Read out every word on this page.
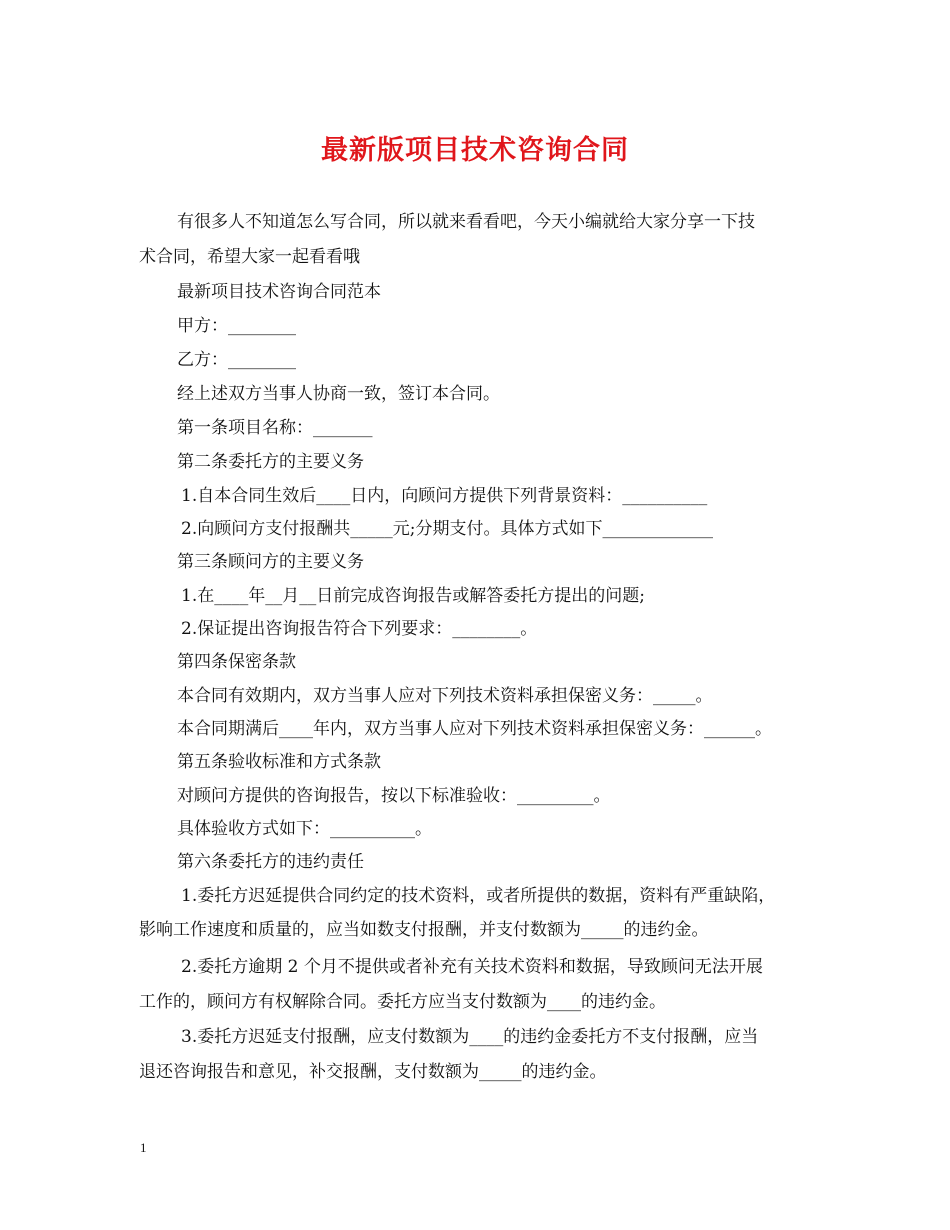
最新版项目技术咨询合同
有很多人不知道怎么写合同，所以就来看看吧，今天小编就给大家分享一下技
术合同，希望大家一起看看哦
最新项目技术咨询合同范本
甲方：________
乙方：________
经上述双方当事人协商一致，签订本合同。
第一条项目名称：_______
第二条委托方的主要义务
1.自本合同生效后____日内，向顾问方提供下列背景资料：__________
2.向顾问方支付报酬共_____元;分期支付。具体方式如下_____________
第三条顾问方的主要义务
1.在____年__月__日前完成咨询报告或解答委托方提出的问题;
2.保证提出咨询报告符合下列要求：________。
第四条保密条款
本合同有效期内，双方当事人应对下列技术资料承担保密义务：_____。
本合同期满后____年内，双方当事人应对下列技术资料承担保密义务：______。
第五条验收标准和方式条款
对顾问方提供的咨询报告，按以下标准验收：_________。
具体验收方式如下：__________。
第六条委托方的违约责任
1.委托方迟延提供合同约定的技术资料，或者所提供的数据，资料有严重缺陷，
影响工作速度和质量的，应当如数支付报酬，并支付数额为_____的违约金。
2.委托方逾期 2 个月不提供或者补充有关技术资料和数据，导致顾问无法开展
工作的，顾问方有权解除合同。委托方应当支付数额为____的违约金。
3.委托方迟延支付报酬，应支付数额为____的违约金委托方不支付报酬，应当
退还咨询报告和意见，补交报酬，支付数额为_____的违约金。
1
